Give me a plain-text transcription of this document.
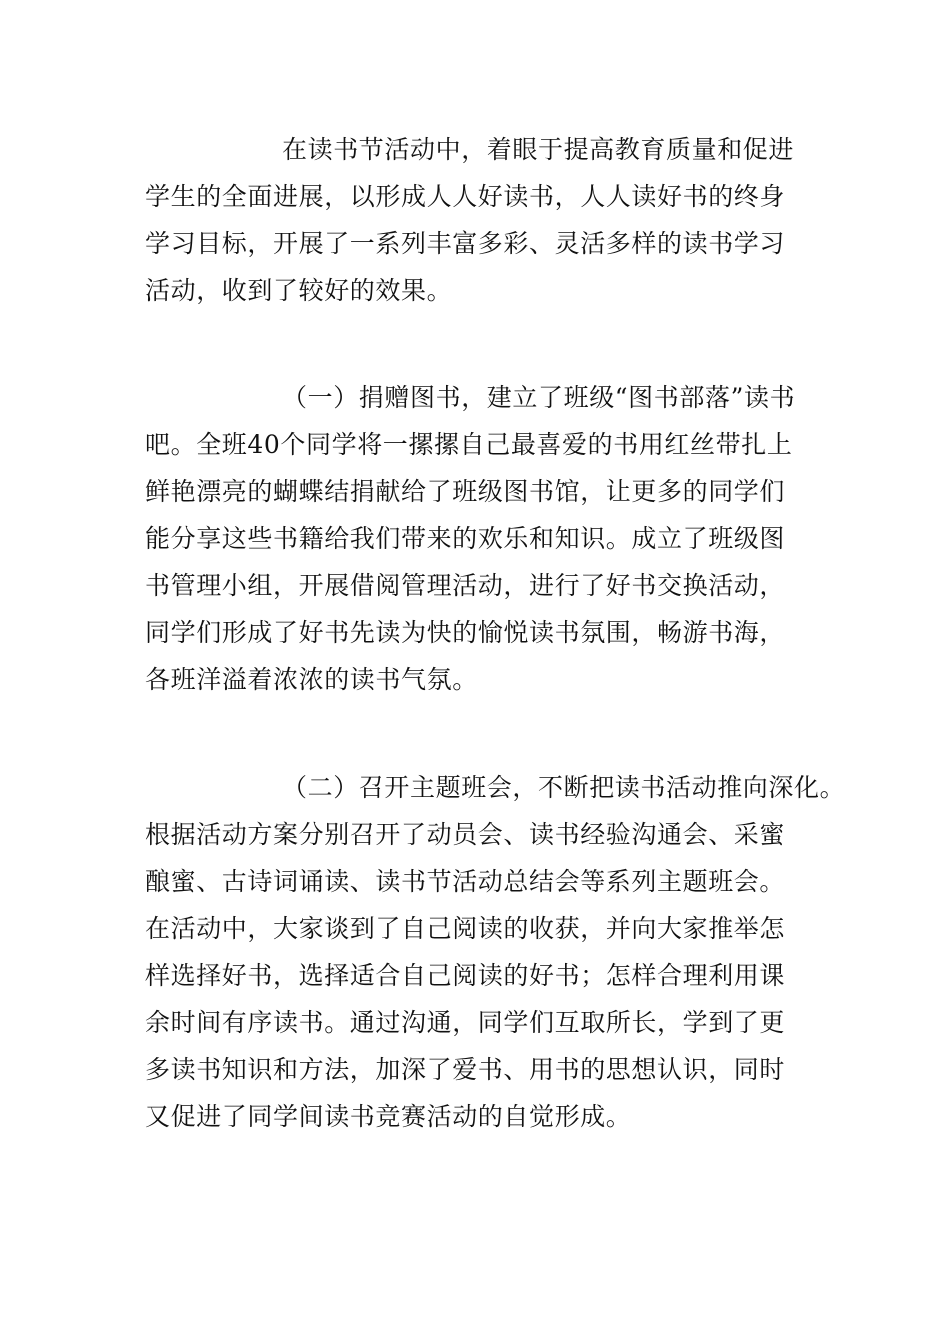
在读书节活动中，着眼于提高教育质量和促进
学生的全面进展，以形成人人好读书，人人读好书的终身
学习目标，开展了一系列丰富多彩、灵活多样的读书学习
活动，收到了较好的效果。
（一）捐赠图书，建立了班级“图书部落”读书
吧。全班40个同学将一摞摞自己最喜爱的书用红丝带扎上
鲜艳漂亮的蝴蝶结捐献给了班级图书馆，让更多的同学们
能分享这些书籍给我们带来的欢乐和知识。成立了班级图
书管理小组，开展借阅管理活动，进行了好书交换活动，
同学们形成了好书先读为快的愉悦读书氛围，畅游书海，
各班洋溢着浓浓的读书气氛。
（二）召开主题班会，不断把读书活动推向深化。
根据活动方案分别召开了动员会、读书经验沟通会、采蜜
酿蜜、古诗词诵读、读书节活动总结会等系列主题班会。
在活动中，大家谈到了自己阅读的收获，并向大家推举怎
样选择好书，选择适合自己阅读的好书；怎样合理利用课
余时间有序读书。通过沟通，同学们互取所长，学到了更
多读书知识和方法，加深了爱书、用书的思想认识，同时
又促进了同学间读书竞赛活动的自觉形成。
